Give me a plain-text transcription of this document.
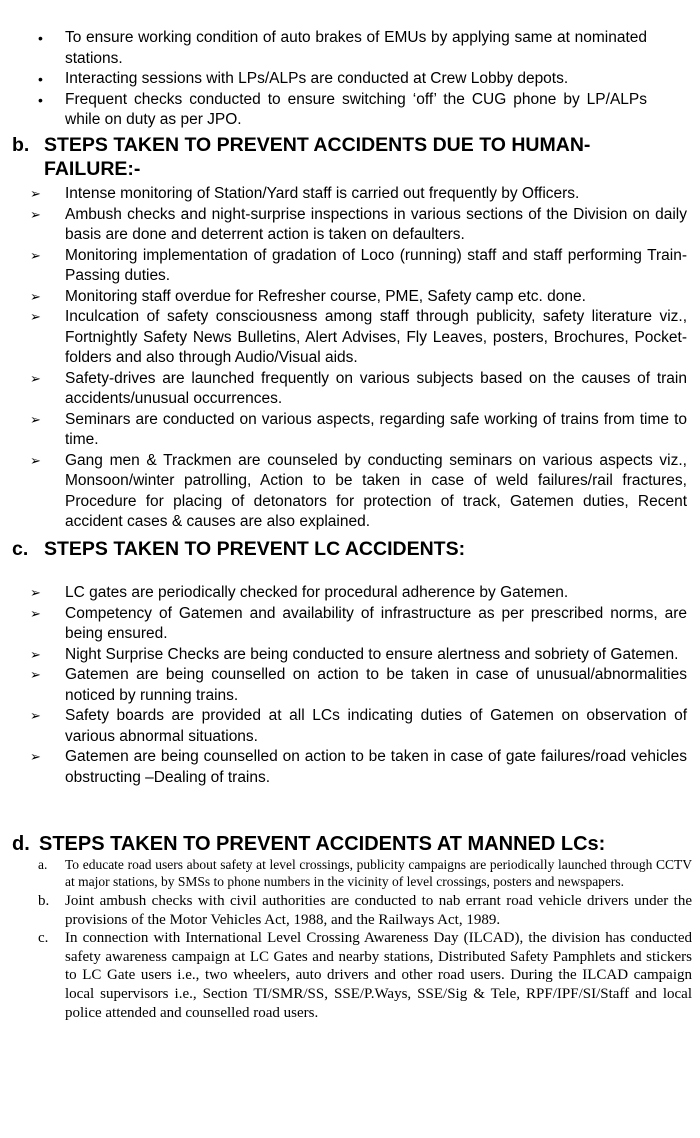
• To ensure working condition of auto brakes of EMUs by applying same at nominated stations.
• Interacting sessions with LPs/ALPs are conducted at Crew Lobby depots.
• Frequent checks conducted to ensure switching ‘off’ the CUG phone by LP/ALPs while on duty as per JPO.
b. STEPS TAKEN TO PREVENT ACCIDENTS DUE TO HUMAN-FAILURE:-
➢ Intense monitoring of Station/Yard staff is carried out frequently by Officers.
➢ Ambush checks and night-surprise inspections in various sections of the Division on daily basis are done and deterrent action is taken on defaulters.
➢ Monitoring implementation of gradation of Loco (running) staff and staff performing Train-Passing duties.
➢ Monitoring staff overdue for Refresher course, PME, Safety camp etc. done.
➢ Inculcation of safety consciousness among staff through publicity, safety literature viz., Fortnightly Safety News Bulletins, Alert Advises, Fly Leaves, posters, Brochures, Pocket-folders and also through Audio/Visual aids.
➢ Safety-drives are launched frequently on various subjects based on the causes of train accidents/unusual occurrences.
➢ Seminars are conducted on various aspects, regarding safe working of trains from time to time.
➢ Gang men & Trackmen are counseled by conducting seminars on various aspects viz., Monsoon/winter patrolling, Action to be taken in case of weld failures/rail fractures, Procedure for placing of detonators for protection of track, Gatemen duties, Recent accident cases & causes are also explained.
c. STEPS TAKEN TO PREVENT LC ACCIDENTS:
➢ LC gates are periodically checked for procedural adherence by Gatemen.
➢ Competency of Gatemen and availability of infrastructure as per prescribed norms, are being ensured.
➢ Night Surprise Checks are being conducted to ensure alertness and sobriety of Gatemen.
➢ Gatemen are being counselled on action to be taken in case of unusual/abnormalities noticed by running trains.
➢ Safety boards are provided at all LCs indicating duties of Gatemen on observation of various abnormal situations.
➢ Gatemen are being counselled on action to be taken in case of gate failures/road vehicles obstructing –Dealing of trains.
d. STEPS TAKEN TO PREVENT ACCIDENTS AT MANNED LCs:
a. To educate road users about safety at level crossings, publicity campaigns are periodically launched through CCTV at major stations, by SMSs to phone numbers in the vicinity of level crossings, posters and newspapers.
b. Joint ambush checks with civil authorities are conducted to nab errant road vehicle drivers under the provisions of the Motor Vehicles Act, 1988, and the Railways Act, 1989.
c. In connection with International Level Crossing Awareness Day (ILCAD), the division has conducted safety awareness campaign at LC Gates and nearby stations, Distributed Safety Pamphlets and stickers to LC Gate users i.e., two wheelers, auto drivers and other road users. During the ILCAD campaign local supervisors i.e., Section TI/SMR/SS, SSE/P.Ways, SSE/Sig & Tele, RPF/IPF/SI/Staff and local police attended and counselled road users.
